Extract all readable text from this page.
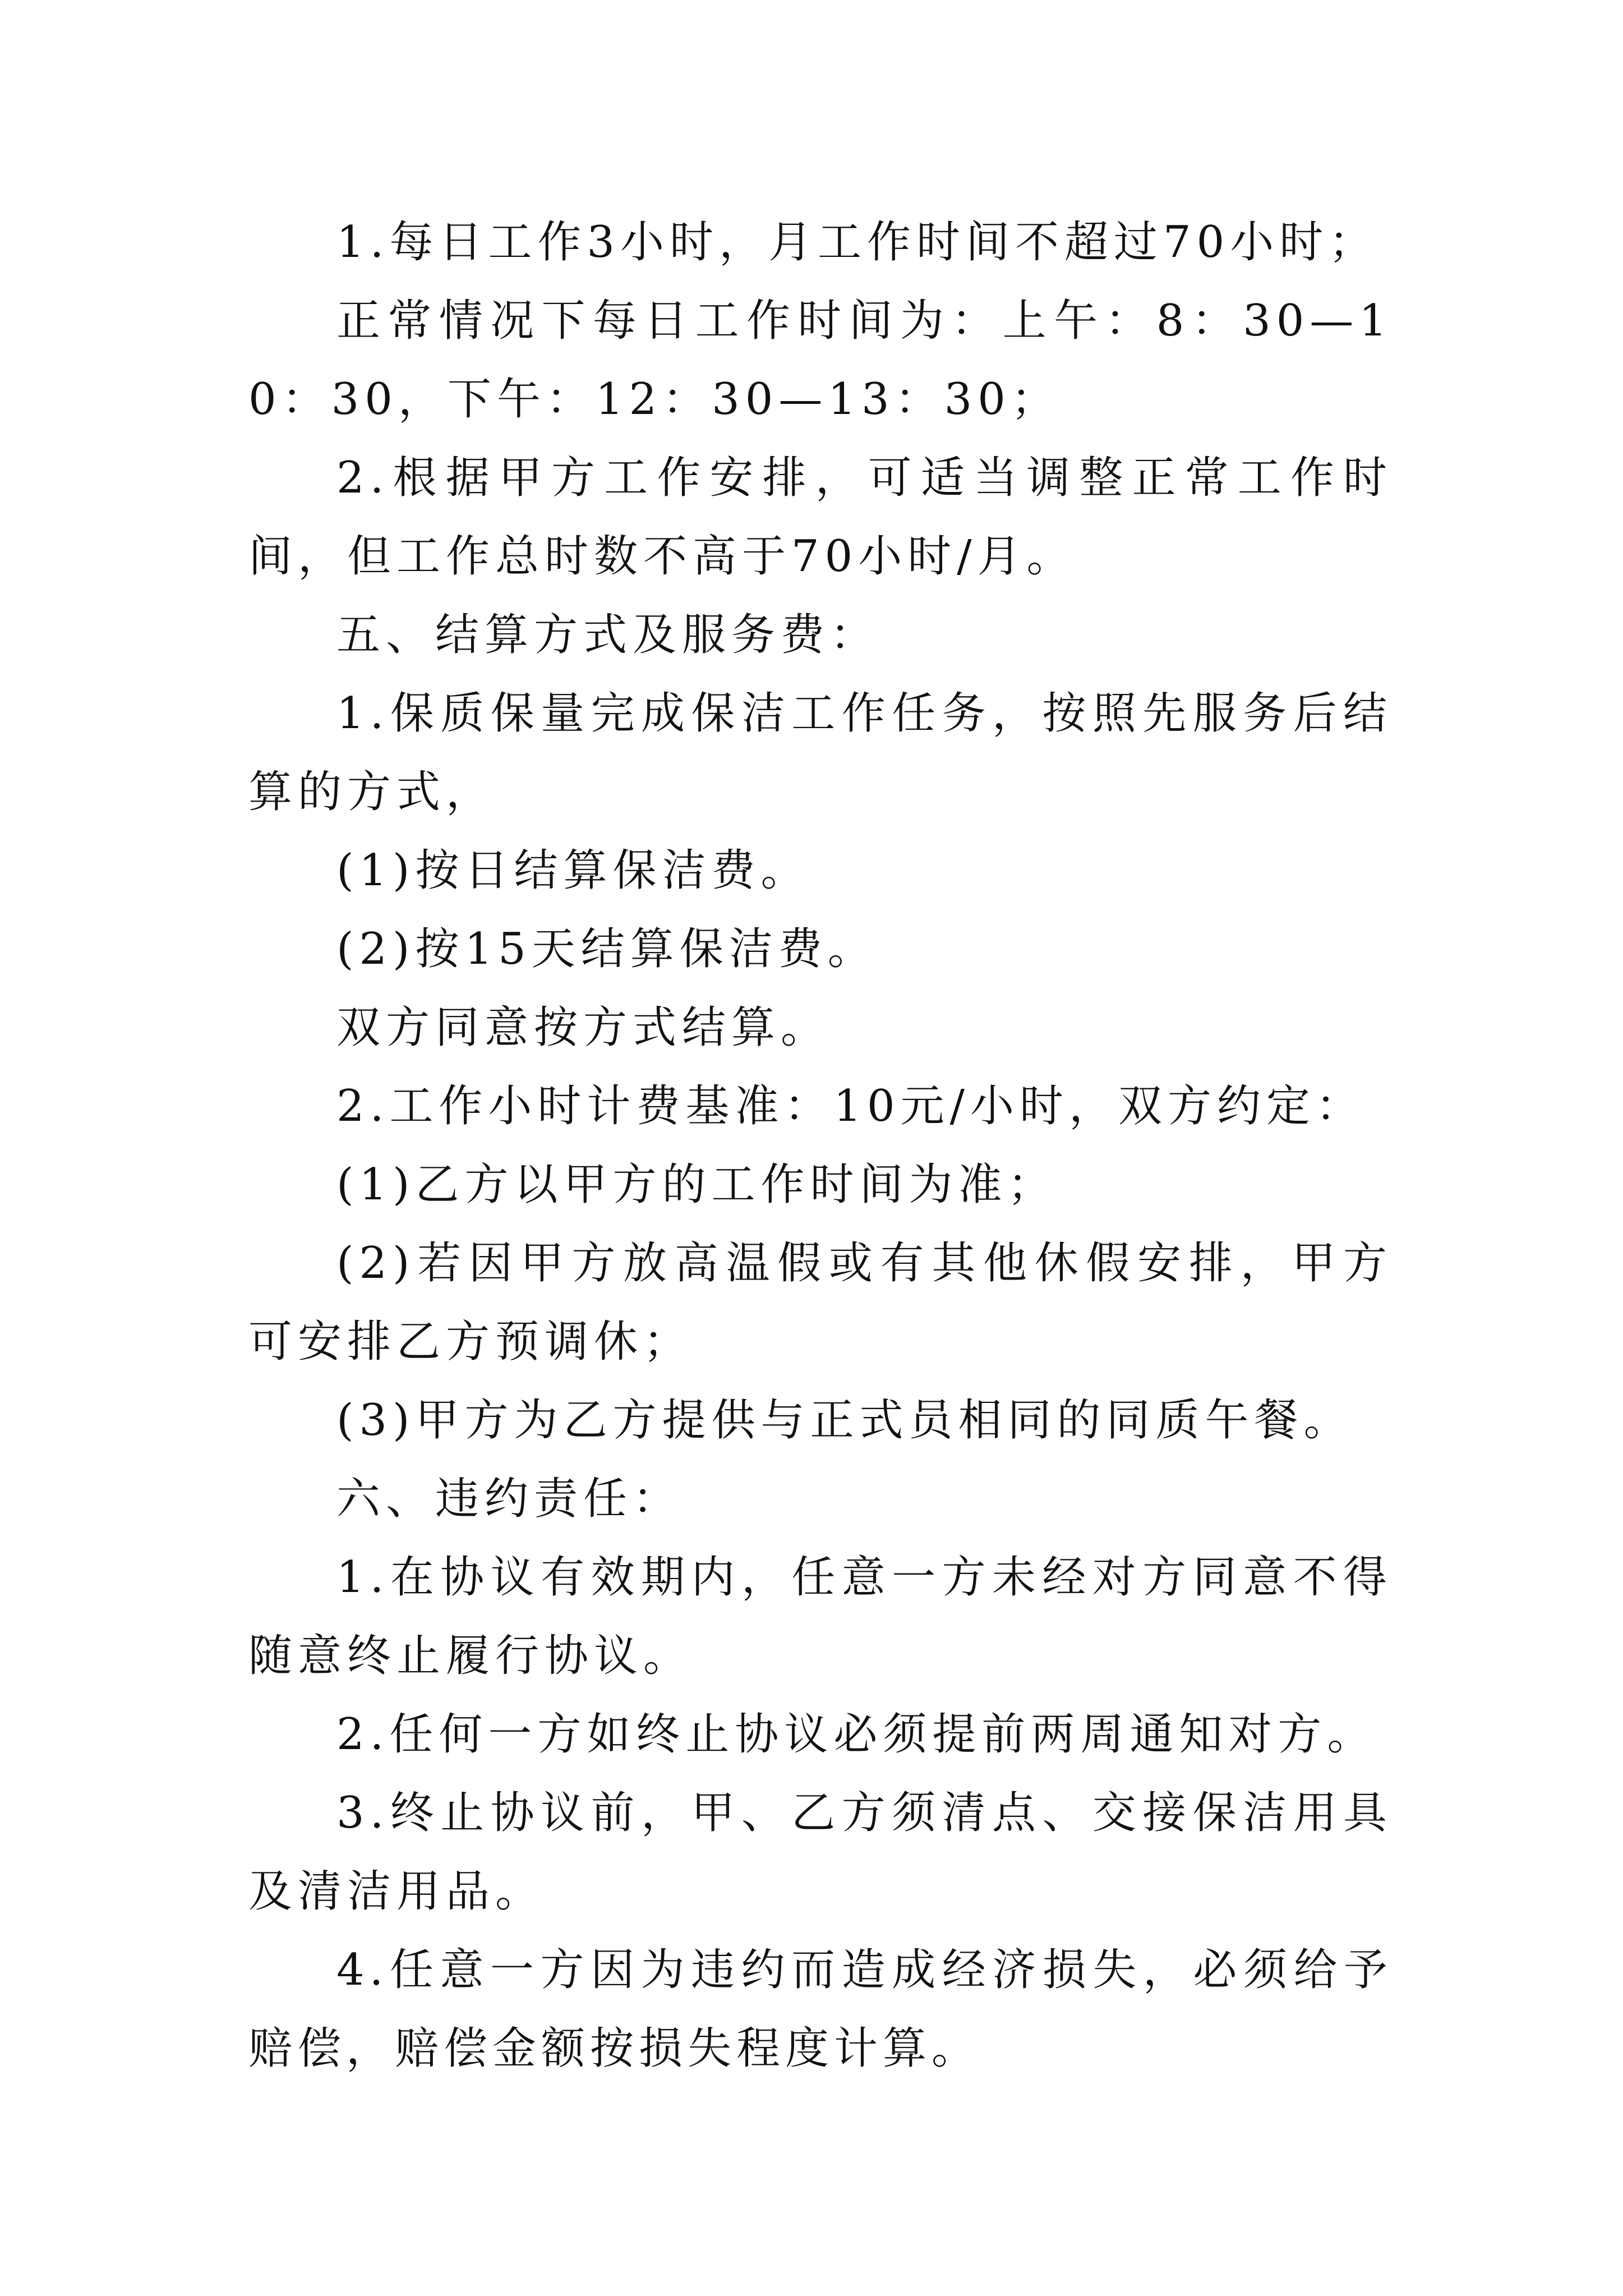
1.每日工作3小时，月工作时间不超过70小时；

正常情况下每日工作时间为：上午：8：30—10：30，下午：12：30—13：30；

2.根据甲方工作安排，可适当调整正常工作时间，但工作总时数不高于70小时/月。

五、结算方式及服务费：

1.保质保量完成保洁工作任务，按照先服务后结算的方式，

(1)按日结算保洁费。

(2)按15天结算保洁费。

双方同意按方式结算。

2.工作小时计费基准：10元/小时，双方约定：

(1)乙方以甲方的工作时间为准；

(2)若因甲方放高温假或有其他休假安排，甲方可安排乙方预调休；

(3)甲方为乙方提供与正式员相同的同质午餐。

六、违约责任：

1.在协议有效期内，任意一方未经对方同意不得随意终止履行协议。

2.任何一方如终止协议必须提前两周通知对方。

3.终止协议前，甲、乙方须清点、交接保洁用具及清洁用品。

4.任意一方因为违约而造成经济损失，必须给予赔偿，赔偿金额按损失程度计算。
